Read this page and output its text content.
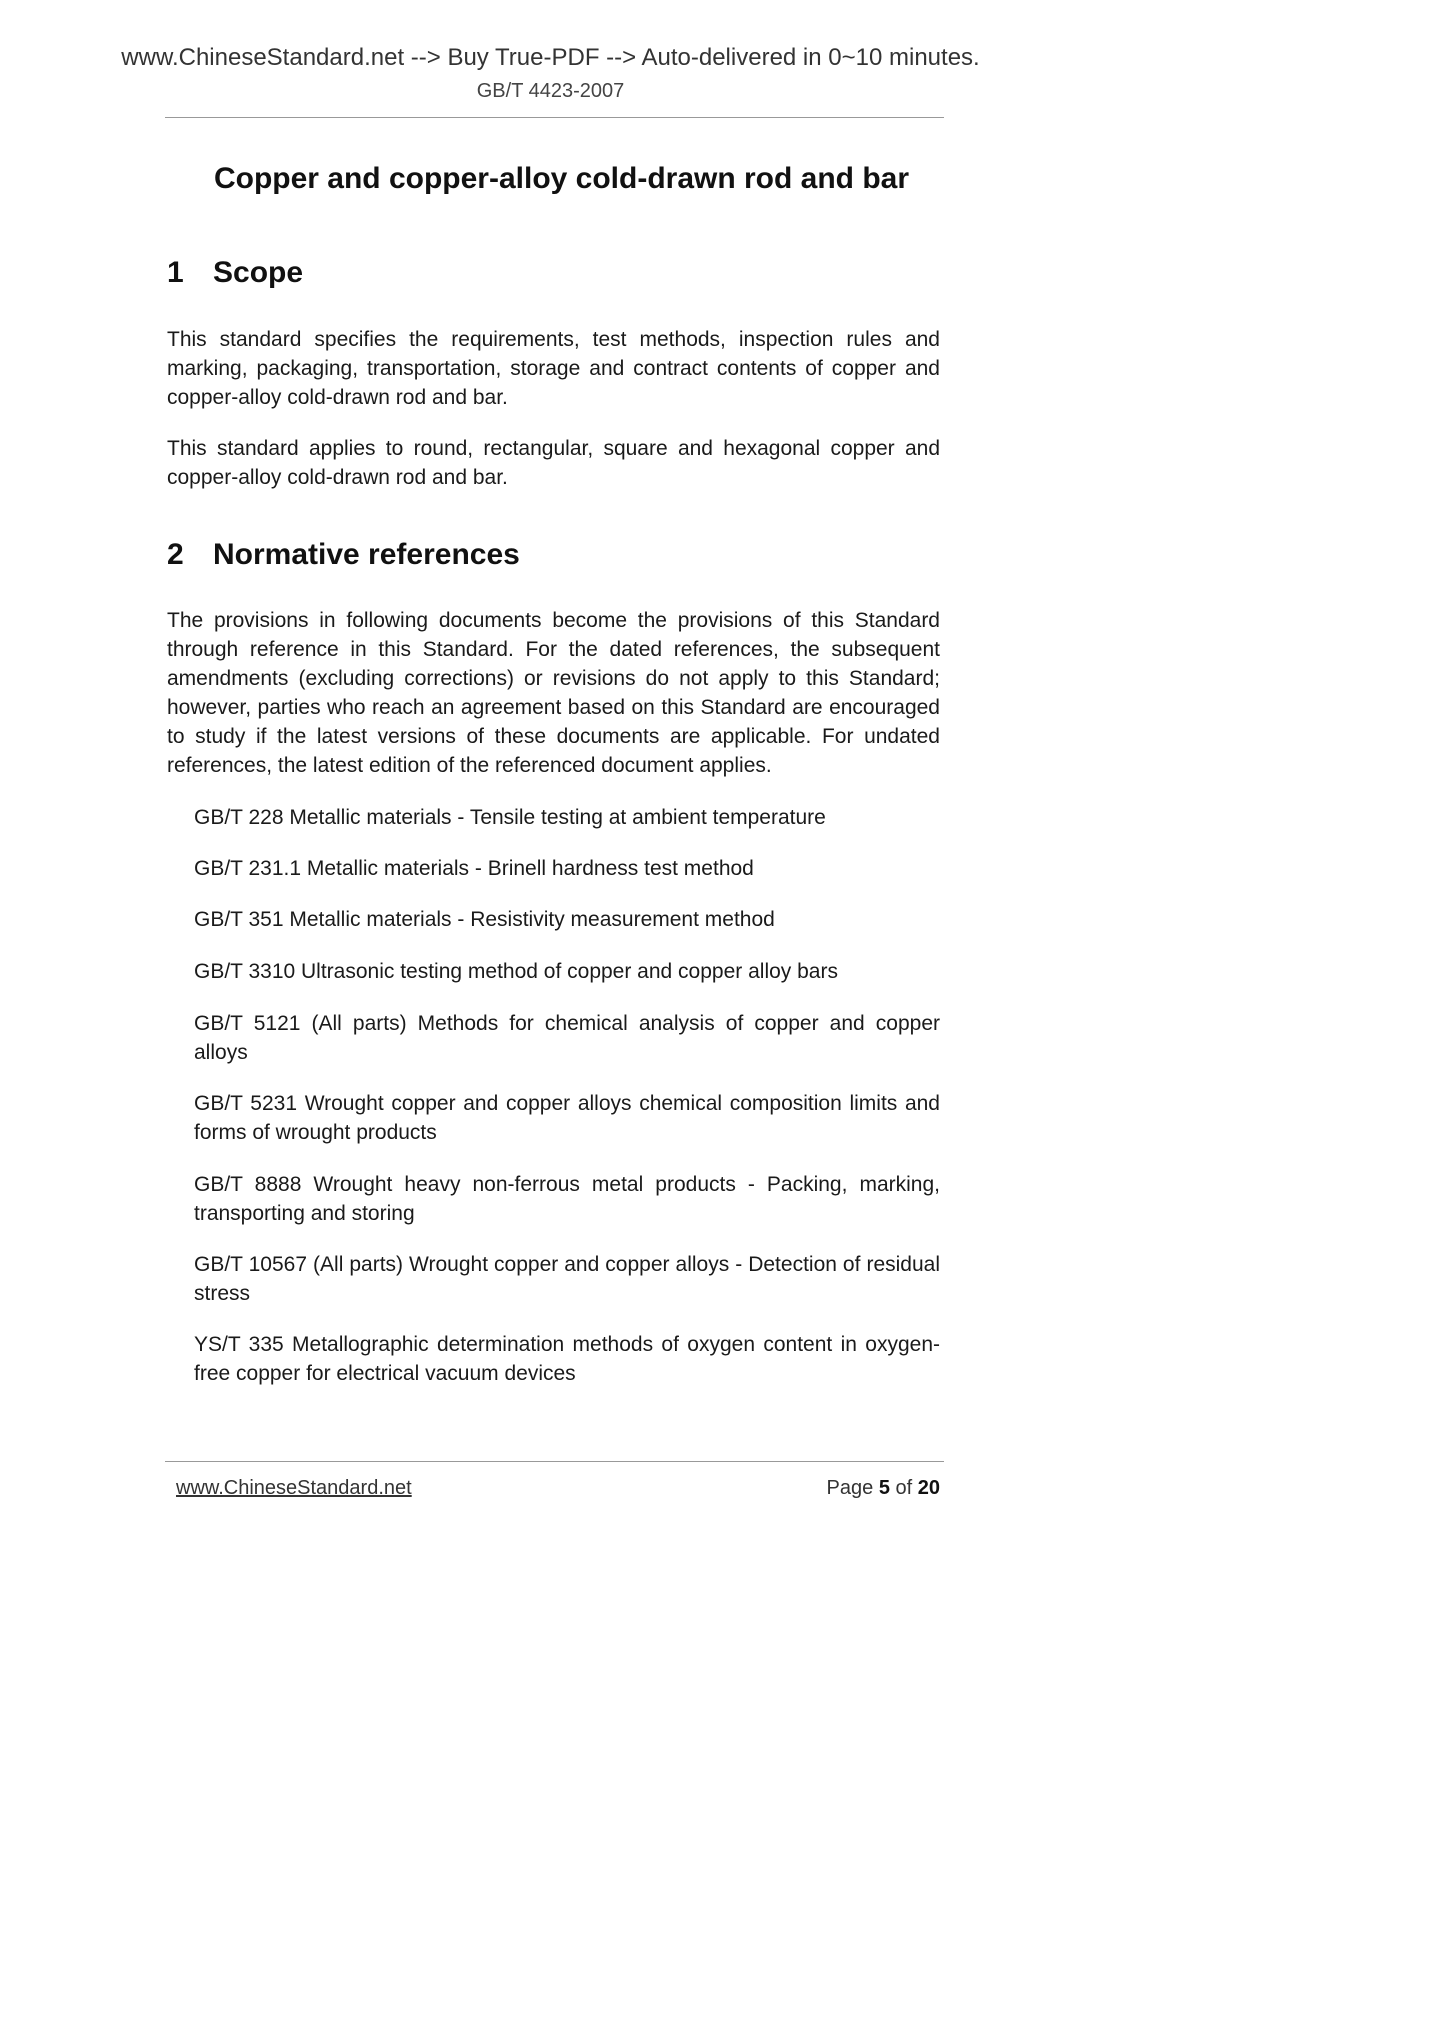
www.ChineseStandard.net --> Buy True-PDF --> Auto-delivered in 0~10 minutes.
GB/T 4423-2007
Copper and copper-alloy cold-drawn rod and bar
1 Scope
This standard specifies the requirements, test methods, inspection rules and marking, packaging, transportation, storage and contract contents of copper and copper-alloy cold-drawn rod and bar.
This standard applies to round, rectangular, square and hexagonal copper and copper-alloy cold-drawn rod and bar.
2 Normative references
The provisions in following documents become the provisions of this Standard through reference in this Standard. For the dated references, the subsequent amendments (excluding corrections) or revisions do not apply to this Standard; however, parties who reach an agreement based on this Standard are encouraged to study if the latest versions of these documents are applicable. For undated references, the latest edition of the referenced document applies.
GB/T 228 Metallic materials - Tensile testing at ambient temperature
GB/T 231.1 Metallic materials - Brinell hardness test method
GB/T 351 Metallic materials - Resistivity measurement method
GB/T 3310 Ultrasonic testing method of copper and copper alloy bars
GB/T 5121 (All parts) Methods for chemical analysis of copper and copper alloys
GB/T 5231 Wrought copper and copper alloys chemical composition limits and forms of wrought products
GB/T 8888 Wrought heavy non-ferrous metal products - Packing, marking, transporting and storing
GB/T 10567 (All parts) Wrought copper and copper alloys - Detection of residual stress
YS/T 335 Metallographic determination methods of oxygen content in oxygen-free copper for electrical vacuum devices
www.ChineseStandard.net	Page 5 of 20
